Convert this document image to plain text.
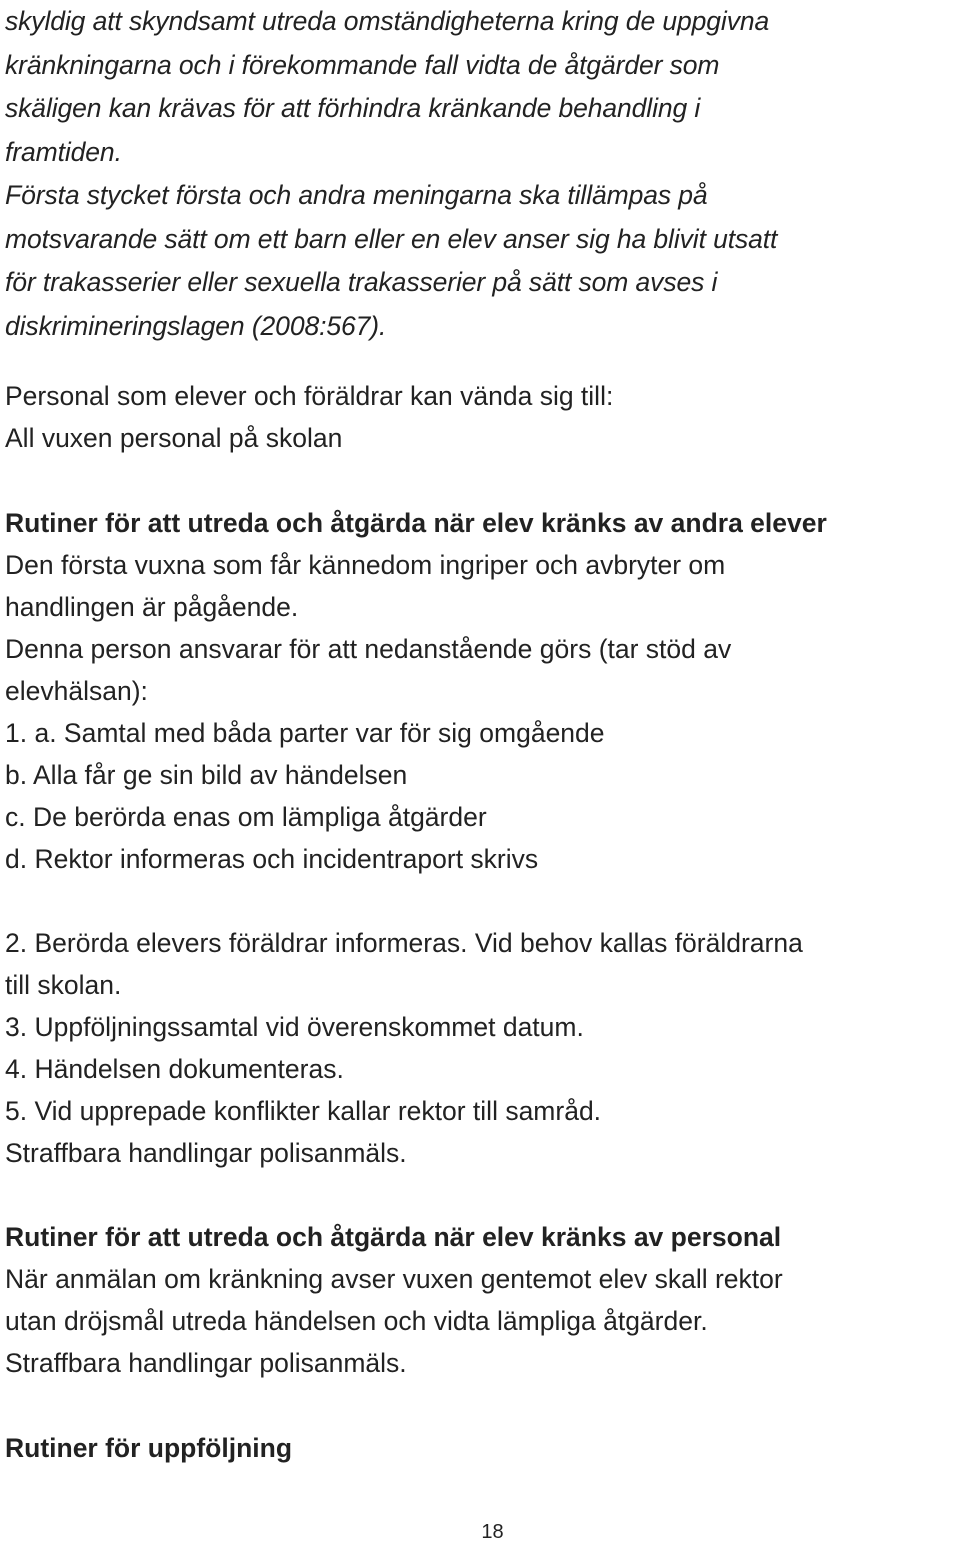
skyldig att skyndsamt utreda omständigheterna kring de uppgivna
kränkningarna och i förekommande fall vidta de åtgärder som
skäligen kan krävas för att förhindra kränkande behandling i
framtiden.
Första stycket första och andra meningarna ska tillämpas på
motsvarande sätt om ett barn eller en elev anser sig ha blivit utsatt
för trakasserier eller sexuella trakasserier på sätt som avses i
diskrimineringslagen (2008:567).
Personal som elever och föräldrar kan vända sig till:
All vuxen personal på skolan
Rutiner för att utreda och åtgärda när elev kränks av andra elever
Den första vuxna som får kännedom ingriper och avbryter om
handlingen är pågående.
Denna person ansvarar för att nedanstående görs (tar stöd av
elevhälsan):
1. a. Samtal med båda parter var för sig omgående
b. Alla får ge sin bild av händelsen
c. De berörda enas om lämpliga åtgärder
d. Rektor informeras och incidentraport skrivs
2. Berörda elevers föräldrar informeras. Vid behov kallas föräldrarna
till skolan.
3. Uppföljningssamtal vid överenskommet datum.
4. Händelsen dokumenteras.
5. Vid upprepade konflikter kallar rektor till samråd.
Straffbara handlingar polisanmäls.
Rutiner för att utreda och åtgärda när elev kränks av personal
När anmälan om kränkning avser vuxen gentemot elev skall rektor
utan dröjsmål utreda händelsen och vidta lämpliga åtgärder.
Straffbara handlingar polisanmäls.
Rutiner för uppföljning
18
